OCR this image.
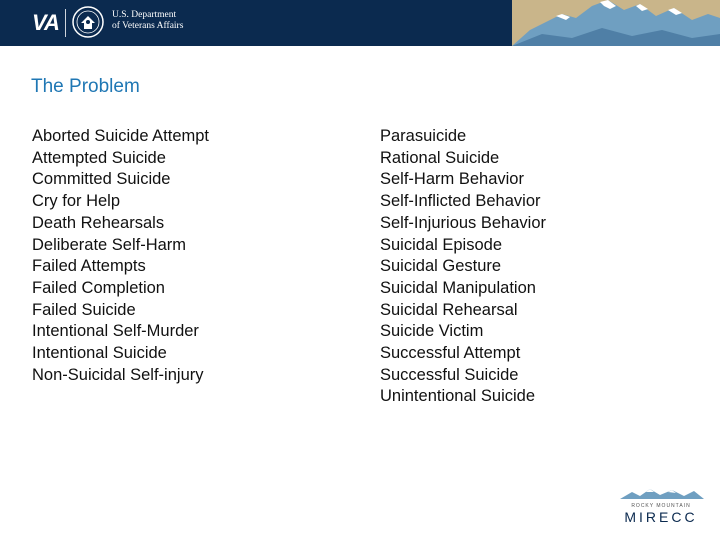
VA	U.S. Department
of Veterans Affairs
The Problem
Aborted Suicide Attempt
Attempted Suicide
Committed Suicide
Cry for Help
Death Rehearsals
Deliberate Self-Harm
Failed Attempts
Failed Completion
Failed Suicide
Intentional Self-Murder
Intentional Suicide
Non-Suicidal Self-injury
Parasuicide
Rational Suicide
Self-Harm Behavior
Self-Inflicted Behavior
Self-Injurious Behavior
Suicidal Episode
Suicidal Gesture
Suicidal Manipulation
Suicidal Rehearsal
Suicide Victim
Successful Attempt
Successful Suicide
Unintentional Suicide
ROCKY MOUNTAIN
MIRECC
